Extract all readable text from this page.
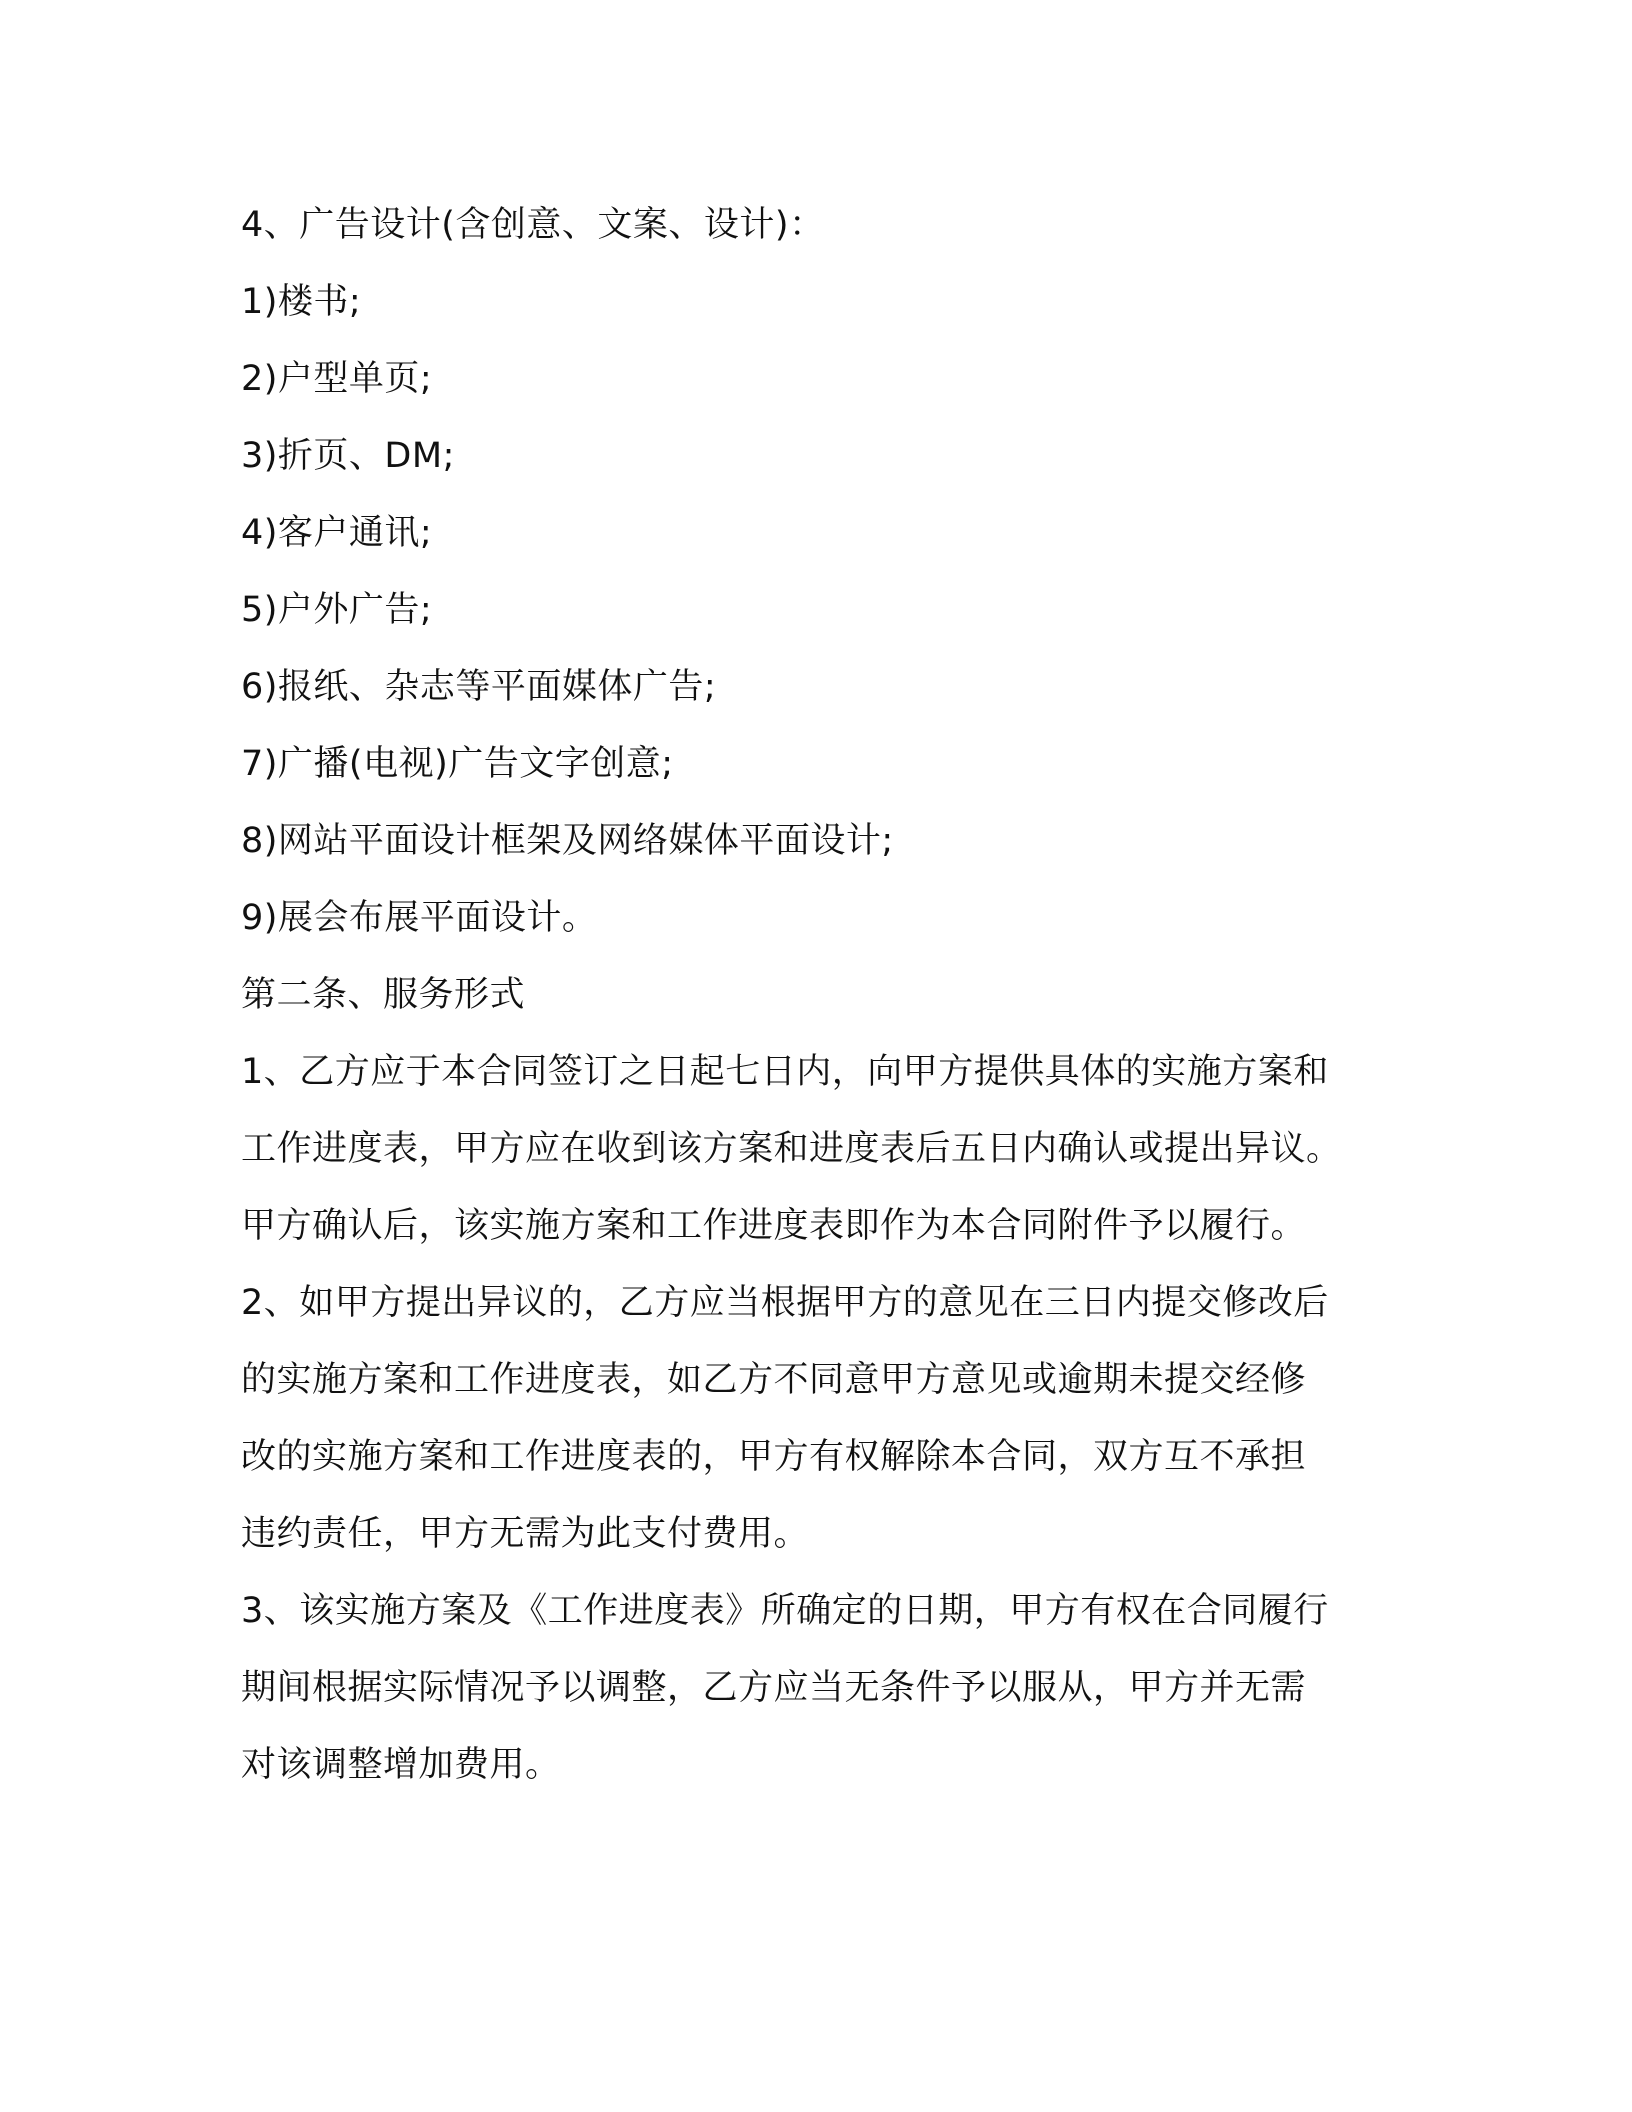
4、广告设计(含创意、文案、设计)：
1)楼书;
2)户型单页;
3)折页、DM;
4)客户通讯;
5)户外广告;
6)报纸、杂志等平面媒体广告;
7)广播(电视)广告文字创意;
8)网站平面设计框架及网络媒体平面设计;
9)展会布展平面设计。
第二条、服务形式
1、乙方应于本合同签订之日起七日内，向甲方提供具体的实施方案和
工作进度表，甲方应在收到该方案和进度表后五日内确认或提出异议。
甲方确认后，该实施方案和工作进度表即作为本合同附件予以履行。
2、如甲方提出异议的，乙方应当根据甲方的意见在三日内提交修改后
的实施方案和工作进度表，如乙方不同意甲方意见或逾期未提交经修
改的实施方案和工作进度表的，甲方有权解除本合同，双方互不承担
违约责任，甲方无需为此支付费用。
3、该实施方案及《工作进度表》所确定的日期，甲方有权在合同履行
期间根据实际情况予以调整，乙方应当无条件予以服从，甲方并无需
对该调整增加费用。
